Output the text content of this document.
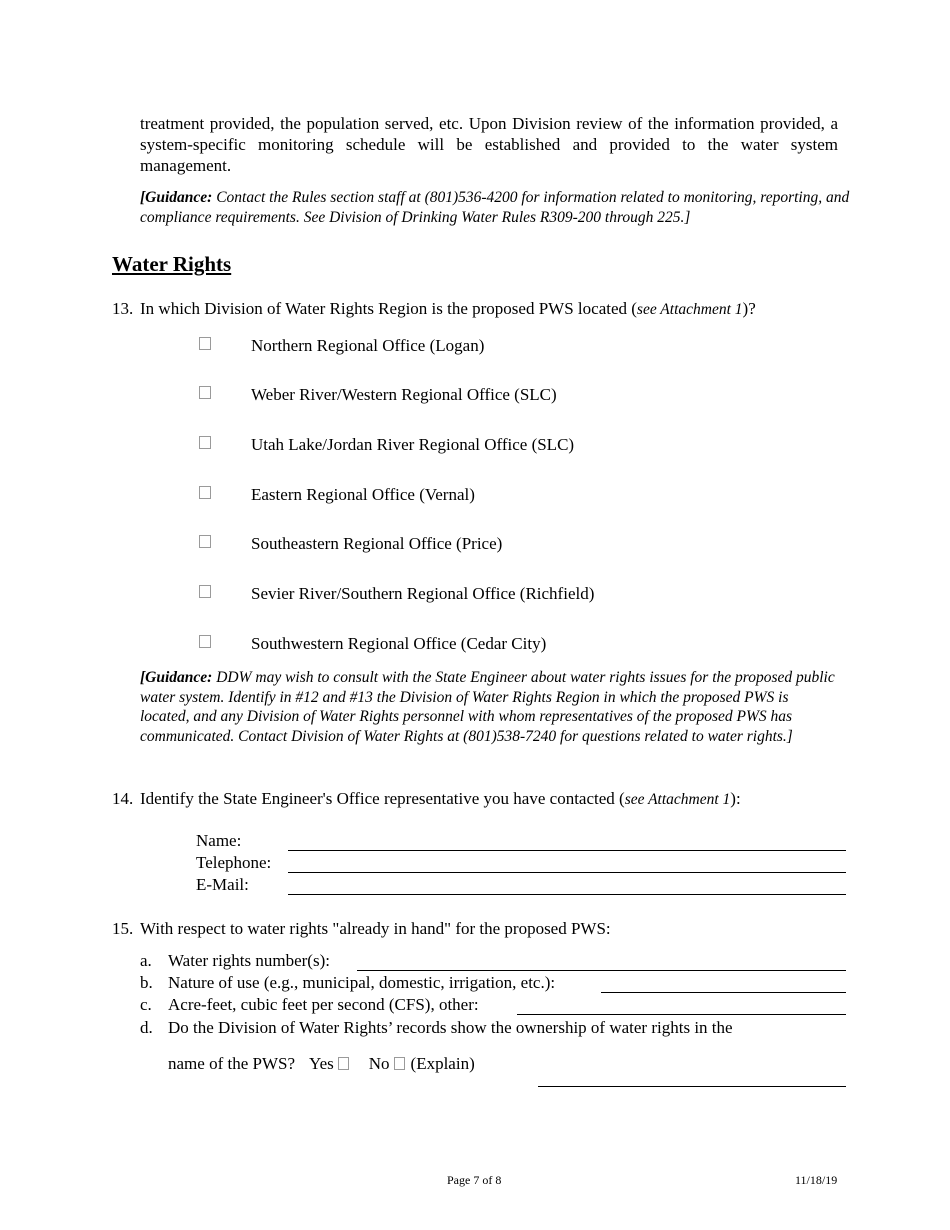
treatment provided, the population served, etc. Upon Division review of the information provided, a system-specific monitoring schedule will be established and provided to the water system management.
[Guidance: Contact the Rules section staff at (801)536-4200 for information related to monitoring, reporting, and compliance requirements. See Division of Drinking Water Rules R309-200 through 225.]
Water Rights
13. In which Division of Water Rights Region is the proposed PWS located (see Attachment 1)?
Northern Regional Office (Logan)
Weber River/Western Regional Office (SLC)
Utah Lake/Jordan River Regional Office (SLC)
Eastern Regional Office (Vernal)
Southeastern Regional Office (Price)
Sevier River/Southern Regional Office (Richfield)
Southwestern Regional Office (Cedar City)
[Guidance: DDW may wish to consult with the State Engineer about water rights issues for the proposed public water system. Identify in #12 and #13 the Division of Water Rights Region in which the proposed PWS is located, and any Division of Water Rights personnel with whom representatives of the proposed PWS has communicated. Contact Division of Water Rights at (801)538-7240 for questions related to water rights.]
14. Identify the State Engineer's Office representative you have contacted (see Attachment 1):
Name:
Telephone:
E-Mail:
15. With respect to water rights "already in hand" for the proposed PWS:
a. Water rights number(s):
b. Nature of use (e.g., municipal, domestic, irrigation, etc.):
c. Acre-feet, cubic feet per second (CFS), other:
d. Do the Division of Water Rights’ records show the ownership of water rights in the
name of the PWS? Yes No (Explain)
Page 7 of 8	11/18/19
